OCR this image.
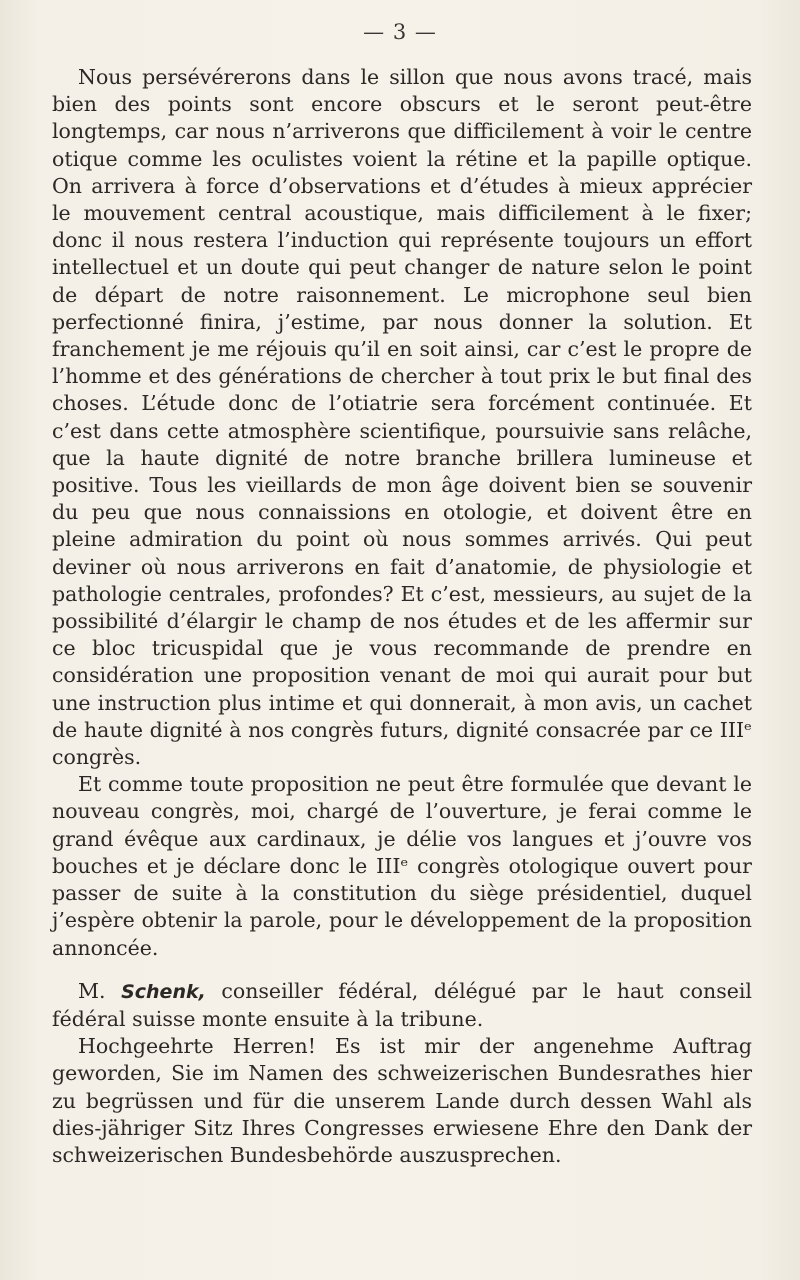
— 3 —

Nous persévérerons dans le sillon que nous avons tracé, mais bien des points sont encore obscurs et le seront peut-être longtemps, car nous n’arriverons que difficilement à voir le centre otique comme les oculistes voient la rétine et la papille optique. On arrivera à force d’observations et d’études à mieux apprécier le mouvement central acoustique, mais difficilement à le fixer; donc il nous restera l’induction qui représente toujours un effort intellectuel et un doute qui peut changer de nature selon le point de départ de notre raisonnement. Le microphone seul bien perfectionné finira, j’estime, par nous donner la solution. Et franchement je me réjouis qu’il en soit ainsi, car c’est le propre de l’homme et des générations de chercher à tout prix le but final des choses. L’étude donc de l’otiatrie sera forcément continuée. Et c’est dans cette atmosphère scientifique, poursuivie sans relâche, que la haute dignité de notre branche brillera lumineuse et positive. Tous les vieillards de mon âge doivent bien se souvenir du peu que nous connaissions en otologie, et doivent être en pleine admiration du point où nous sommes arrivés. Qui peut deviner où nous arriverons en fait d’anatomie, de physiologie et pathologie centrales, profondes? Et c’est, messieurs, au sujet de la possibilité d’élargir le champ de nos études et de les affermir sur ce bloc tricuspidal que je vous recommande de prendre en considération une proposition venant de moi qui aurait pour but une instruction plus intime et qui donnerait, à mon avis, un cachet de haute dignité à nos congrès futurs, dignité consacrée par ce IIIᵉ congrès.

Et comme toute proposition ne peut être formulée que devant le nouveau congrès, moi, chargé de l’ouverture, je ferai comme le grand évêque aux cardinaux, je délie vos langues et j’ouvre vos bouches et je déclare donc le IIIᵉ congrès otologique ouvert pour passer de suite à la constitution du siège présidentiel, duquel j’espère obtenir la parole, pour le développement de la proposition annoncée.

M. Schenk, conseiller fédéral, délégué par le haut conseil fédéral suisse monte ensuite à la tribune.

Hochgeehrte Herren! Es ist mir der angenehme Auftrag geworden, Sie im Namen des schweizerischen Bundesrathes hier zu begrüssen und für die unserem Lande durch dessen Wahl als dies-jähriger Sitz Ihres Congresses erwiesene Ehre den Dank der schweizerischen Bundesbehörde auszusprechen.
